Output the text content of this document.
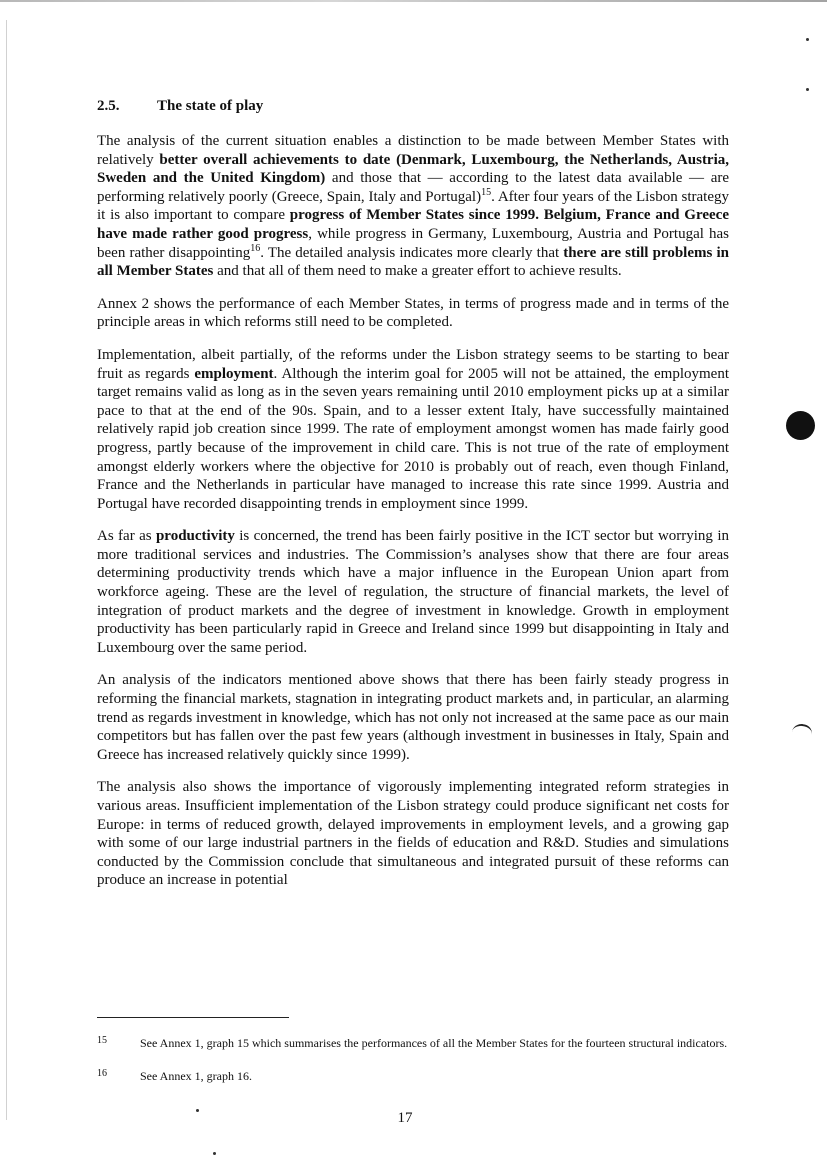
2.5.	The state of play

The analysis of the current situation enables a distinction to be made between Member States with relatively better overall achievements to date (Denmark, Luxembourg, the Netherlands, Austria, Sweden and the United Kingdom) and those that — according to the latest data available — are performing relatively poorly (Greece, Spain, Italy and Portugal)$^{15}$. After four years of the Lisbon strategy it is also important to compare progress of Member States since 1999. Belgium, France and Greece have made rather good progress, while progress in Germany, Luxembourg, Austria and Portugal has been rather disappointing$^{16}$. The detailed analysis indicates more clearly that there are still problems in all Member States and that all of them need to make a greater effort to achieve results.

Annex 2 shows the performance of each Member States, in terms of progress made and in terms of the principle areas in which reforms still need to be completed.

Implementation, albeit partially, of the reforms under the Lisbon strategy seems to be starting to bear fruit as regards employment. Although the interim goal for 2005 will not be attained, the employment target remains valid as long as in the seven years remaining until 2010 employment picks up at a similar pace to that at the end of the 90s. Spain, and to a lesser extent Italy, have successfully maintained relatively rapid job creation since 1999. The rate of employment amongst women has made fairly good progress, partly because of the improvement in child care. This is not true of the rate of employment amongst elderly workers where the objective for 2010 is probably out of reach, even though Finland, France and the Netherlands in particular have managed to increase this rate since 1999. Austria and Portugal have recorded disappointing trends in employment since 1999.

As far as productivity is concerned, the trend has been fairly positive in the ICT sector but worrying in more traditional services and industries. The Commission’s analyses show that there are four areas determining productivity trends which have a major influence in the European Union apart from workforce ageing. These are the level of regulation, the structure of financial markets, the level of integration of product markets and the degree of investment in knowledge. Growth in employment productivity has been particularly rapid in Greece and Ireland since 1999 but disappointing in Italy and Luxembourg over the same period.

An analysis of the indicators mentioned above shows that there has been fairly steady progress in reforming the financial markets, stagnation in integrating product markets and, in particular, an alarming trend as regards investment in knowledge, which has not only not increased at the same pace as our main competitors but has fallen over the past few years (although investment in businesses in Italy, Spain and Greece has increased relatively quickly since 1999).

The analysis also shows the importance of vigorously implementing integrated reform strategies in various areas. Insufficient implementation of the Lisbon strategy could produce significant net costs for Europe: in terms of reduced growth, delayed improvements in employment levels, and a growing gap with some of our large industrial partners in the fields of education and R&D. Studies and simulations conducted by the Commission conclude that simultaneous and integrated pursuit of these reforms can produce an increase in potential

15	See Annex 1, graph 15 which summarises the performances of all the Member States for the fourteen structural indicators.
16	See Annex 1, graph 16.
17
